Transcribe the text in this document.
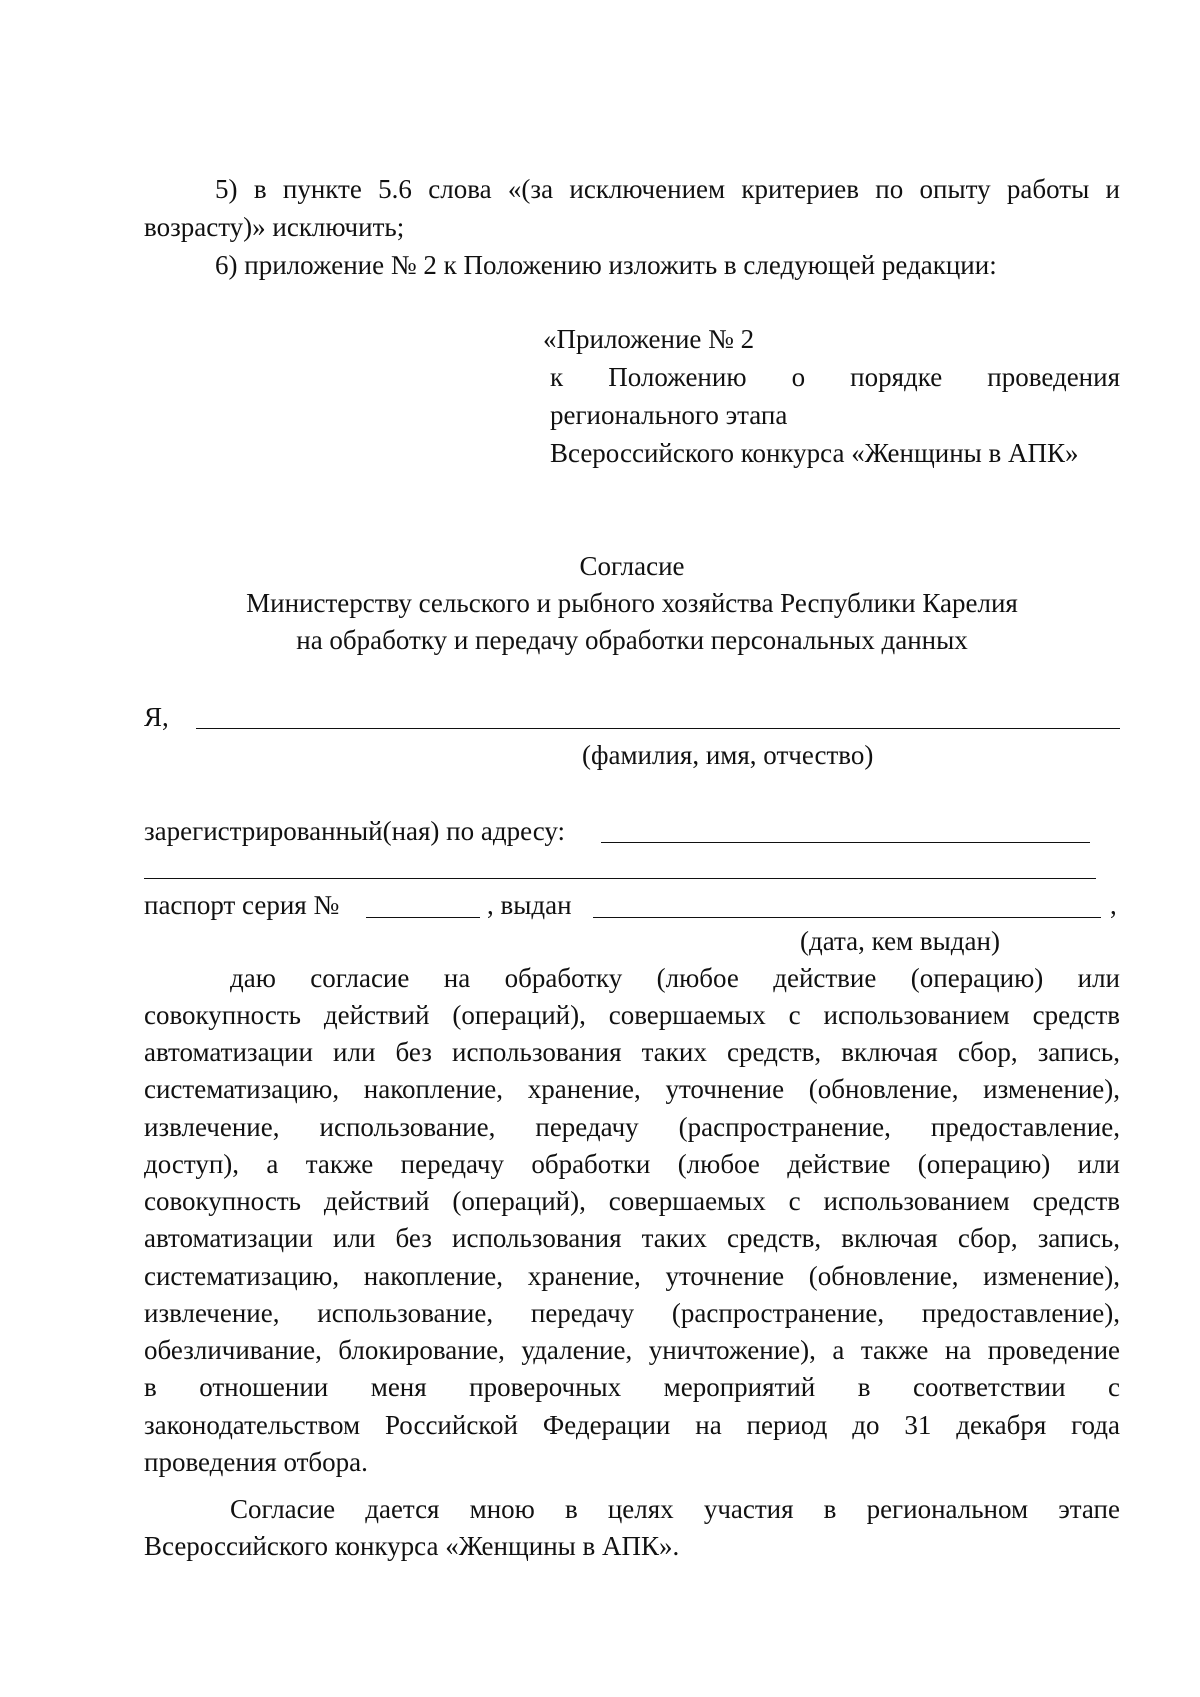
5) в пункте 5.6 слова «(за исключением критериев по опыту работы и
возрасту)» исключить;
6) приложение № 2 к Положению изложить в следующей редакции:
«Приложение № 2
к Положению о порядке проведения
регионального этапа
Всероссийского конкурса «Женщины в АПК»
Согласие
Министерству сельского и рыбного хозяйства Республики Карелия
на обработку и передачу обработки персональных данных
Я,
(фамилия, имя, отчество)
зарегистрированный(ная) по адресу:
паспорт серия №	, выдан	,
(дата, кем выдан)
даю согласие на обработку (любое действие (операцию) или
совокупность действий (операций), совершаемых с использованием средств
автоматизации или без использования таких средств, включая сбор, запись,
систематизацию, накопление, хранение, уточнение (обновление, изменение),
извлечение, использование, передачу (распространение, предоставление,
доступ), а также передачу обработки (любое действие (операцию) или
совокупность действий (операций), совершаемых с использованием средств
автоматизации или без использования таких средств, включая сбор, запись,
систематизацию, накопление, хранение, уточнение (обновление, изменение),
извлечение, использование, передачу (распространение, предоставление),
обезличивание, блокирование, удаление, уничтожение), а также на проведение
в отношении меня проверочных мероприятий в соответствии с
законодательством Российской Федерации на период до 31 декабря года
проведения отбора.
Согласие дается мною в целях участия в региональном этапе
Всероссийского конкурса «Женщины в АПК».
